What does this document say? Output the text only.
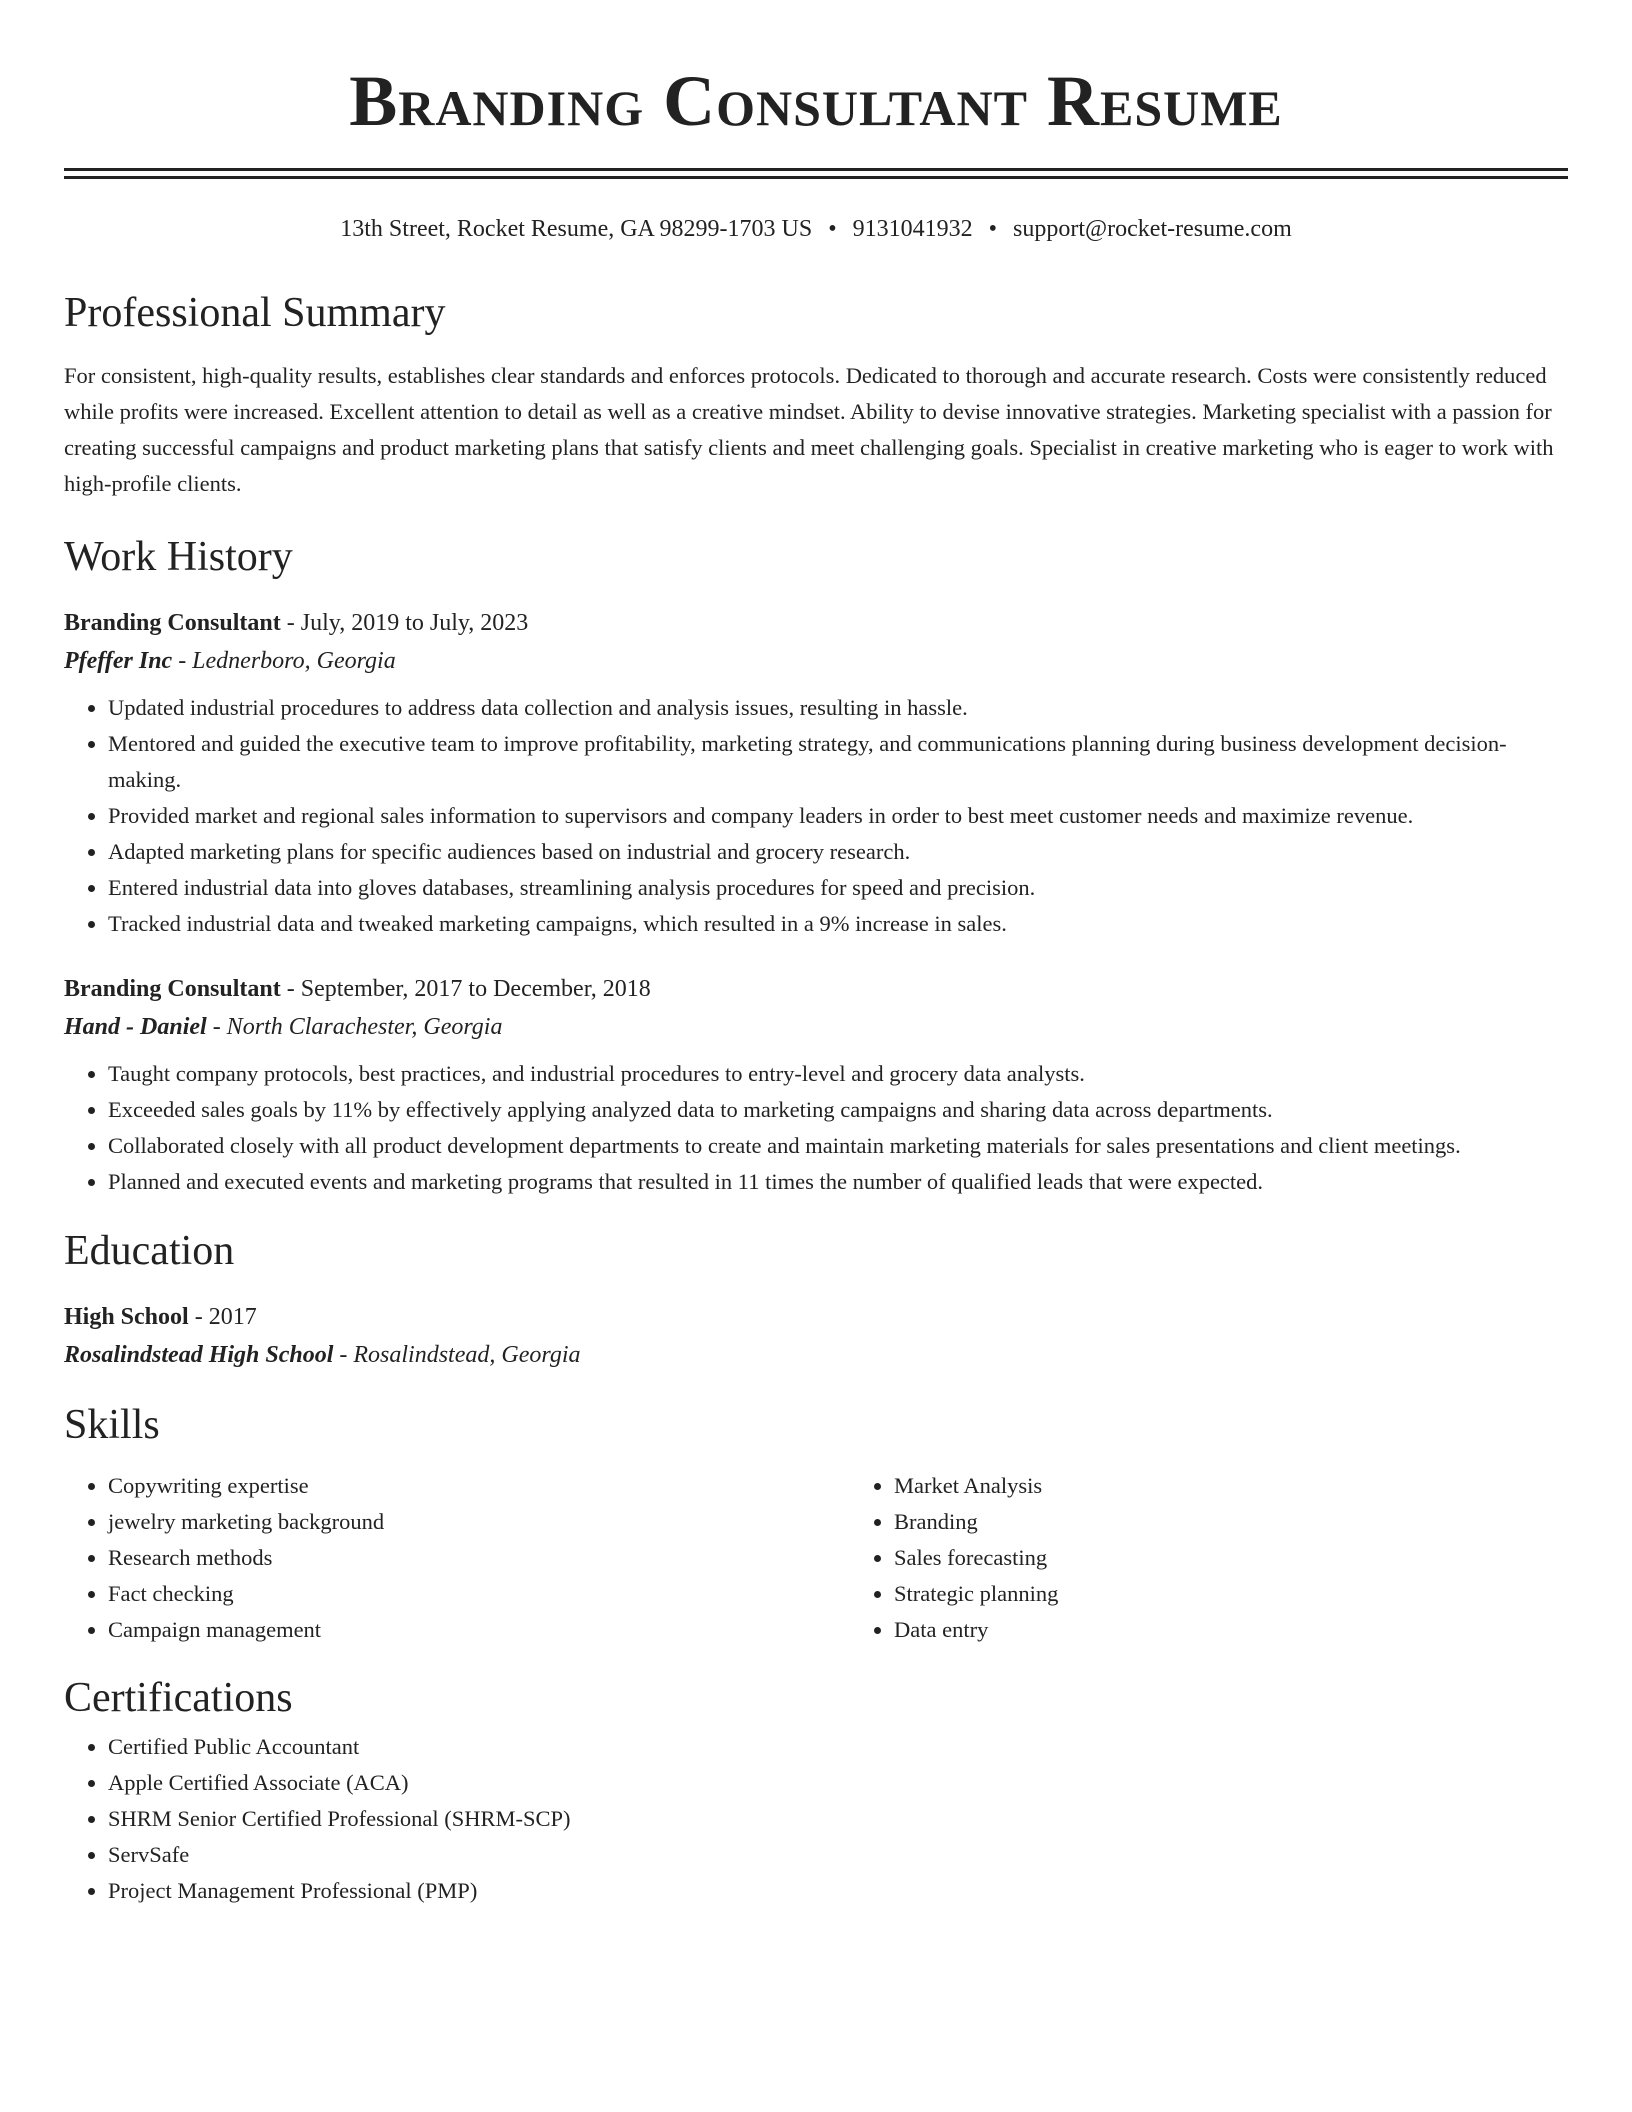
Branding Consultant Resume
13th Street, Rocket Resume, GA 98299-1703 US • 9131041932 • support@rocket-resume.com
Professional Summary

For consistent, high-quality results, establishes clear standards and enforces protocols. Dedicated to thorough and accurate research. Costs were consistently reduced while profits were increased. Excellent attention to detail as well as a creative mindset. Ability to devise innovative strategies. Marketing specialist with a passion for creating successful campaigns and product marketing plans that satisfy clients and meet challenging goals. Specialist in creative marketing who is eager to work with high-profile clients.

Work History
Branding Consultant - July, 2019 to July, 2023
Pfeffer Inc - Lednerboro, Georgia
• Updated industrial procedures to address data collection and analysis issues, resulting in hassle.
• Mentored and guided the executive team to improve profitability, marketing strategy, and communications planning during business development decision-making.
• Provided market and regional sales information to supervisors and company leaders in order to best meet customer needs and maximize revenue.
• Adapted marketing plans for specific audiences based on industrial and grocery research.
• Entered industrial data into gloves databases, streamlining analysis procedures for speed and precision.
• Tracked industrial data and tweaked marketing campaigns, which resulted in a 9% increase in sales.
Branding Consultant - September, 2017 to December, 2018
Hand - Daniel - North Clarachester, Georgia
• Taught company protocols, best practices, and industrial procedures to entry-level and grocery data analysts.
• Exceeded sales goals by 11% by effectively applying analyzed data to marketing campaigns and sharing data across departments.
• Collaborated closely with all product development departments to create and maintain marketing materials for sales presentations and client meetings.
• Planned and executed events and marketing programs that resulted in 11 times the number of qualified leads that were expected.
Education
High School - 2017
Rosalindstead High School - Rosalindstead, Georgia
Skills
• Copywriting expertise
• jewelry marketing background
• Research methods
• Fact checking
• Campaign management
• Market Analysis
• Branding
• Sales forecasting
• Strategic planning
• Data entry
Certifications
• Certified Public Accountant
• Apple Certified Associate (ACA)
• SHRM Senior Certified Professional (SHRM-SCP)
• ServSafe
• Project Management Professional (PMP)
